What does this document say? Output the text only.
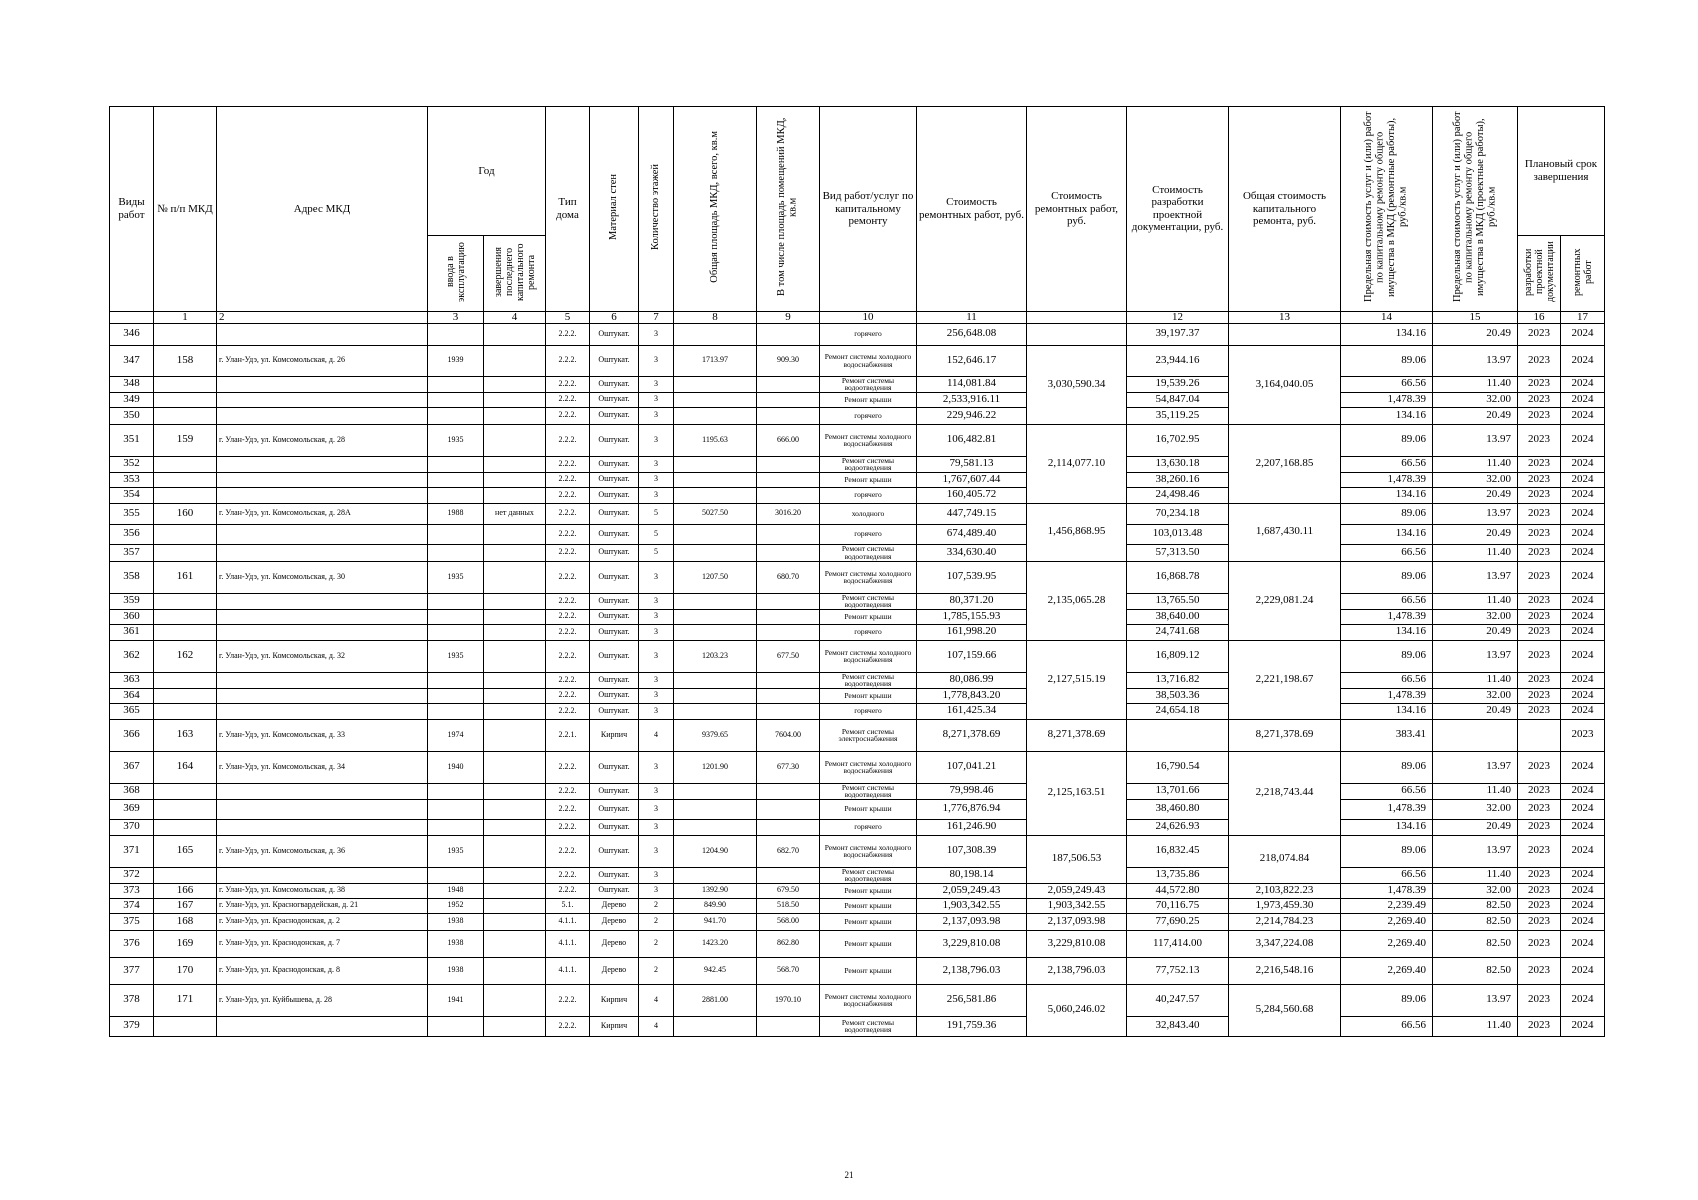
Виды работ	№ п/п МКД	Адрес МКД	Год		Тип дома	Материал стен	Количество этажей	Общая площадь МКД, всего, кв.м	В том числе площадь помещений МКД, кв.м	Вид работ/услуг по капитальному ремонту	Стоимость ремонтных работ, руб.	Стоимость ремонтных работ, руб.	Стоимость разработки проектной документации, руб.	Общая стоимость капитального ремонта, руб.	Предельная стоимость услуг и (или) работ по капитальному ремонту общего имущества в МКД (ремонтные работы), руб./кв.м	Предельная стоимость услуг и (или) работ по капитальному ремонту общего имущества в МКД (проектные работы), руб./кв.м	Плановый срок завершения	
			ввода в эксплуатацию	завершения последнего капитального ремонта													разработки проектной документации	ремонтных работ
	1	2	3	4	5	6	7	8	9	10	11		12	13	14	15	16	17
346					2.2.2.	Оштукат.	3			горячего	256,648.08		39,197.37		134.16	20.49	2023	2024
347	158	г. Улан-Удэ, ул. Комсомольская, д. 26	1939		2.2.2.	Оштукат.	3	1713.97	909.30	Ремонт системы холодного водоснабжения	152,646.17	3,030,590.34	23,944.16	3,164,040.05	89.06	13.97	2023	2024
348					2.2.2.	Оштукат.	3			Ремонт системы водоотведения	114,081.84		19,539.26		66.56	11.40	2023	2024
349					2.2.2.	Оштукат.	3			Ремонт крыши	2,533,916.11		54,847.04		1,478.39	32.00	2023	2024
350					2.2.2.	Оштукат.	3			горячего	229,946.22		35,119.25		134.16	20.49	2023	2024
351	159	г. Улан-Удэ, ул. Комсомольская, д. 28	1935		2.2.2.	Оштукат.	3	1195.63	666.00	Ремонт системы холодного водоснабжения	106,482.81	2,114,077.10	16,702.95	2,207,168.85	89.06	13.97	2023	2024
352					2.2.2.	Оштукат.	3			Ремонт системы водоотведения	79,581.13		13,630.18		66.56	11.40	2023	2024
353					2.2.2.	Оштукат.	3			Ремонт крыши	1,767,607.44		38,260.16		1,478.39	32.00	2023	2024
354					2.2.2.	Оштукат.	3			горячего	160,405.72		24,498.46		134.16	20.49	2023	2024
355	160	г. Улан-Удэ, ул. Комсомольская, д. 28А	1988	нет данных	2.2.2.	Оштукат.	5	5027.50	3016.20	холодного	447,749.15	1,456,868.95	70,234.18	1,687,430.11	89.06	13.97	2023	2024
356					2.2.2.	Оштукат.	5			горячего	674,489.40		103,013.48		134.16	20.49	2023	2024
357					2.2.2.	Оштукат.	5			Ремонт системы водоотведения	334,630.40		57,313.50		66.56	11.40	2023	2024
358	161	г. Улан-Удэ, ул. Комсомольская, д. 30	1935		2.2.2.	Оштукат.	3	1207.50	680.70	Ремонт системы холодного водоснабжения	107,539.95	2,135,065.28	16,868.78	2,229,081.24	89.06	13.97	2023	2024
359					2.2.2.	Оштукат.	3			Ремонт системы водоотведения	80,371.20		13,765.50		66.56	11.40	2023	2024
360					2.2.2.	Оштукат.	3			Ремонт крыши	1,785,155.93		38,640.00		1,478.39	32.00	2023	2024
361					2.2.2.	Оштукат.	3			горячего	161,998.20		24,741.68		134.16	20.49	2023	2024
362	162	г. Улан-Удэ, ул. Комсомольская, д. 32	1935		2.2.2.	Оштукат.	3	1203.23	677.50	Ремонт системы холодного водоснабжения	107,159.66	2,127,515.19	16,809.12	2,221,198.67	89.06	13.97	2023	2024
363					2.2.2.	Оштукат.	3			Ремонт системы водоотведения	80,086.99		13,716.82		66.56	11.40	2023	2024
364					2.2.2.	Оштукат.	3			Ремонт крыши	1,778,843.20		38,503.36		1,478.39	32.00	2023	2024
365					2.2.2.	Оштукат.	3			горячего	161,425.34		24,654.18		134.16	20.49	2023	2024
366	163	г. Улан-Удэ, ул. Комсомольская, д. 33	1974		2.2.1.	Кирпич	4	9379.65	7604.00	Ремонт системы электроснабжения	8,271,378.69	8,271,378.69		8,271,378.69	383.41			2023
367	164	г. Улан-Удэ, ул. Комсомольская, д. 34	1940		2.2.2.	Оштукат.	3	1201.90	677.30	Ремонт системы холодного водоснабжения	107,041.21	2,125,163.51	16,790.54	2,218,743.44	89.06	13.97	2023	2024
368					2.2.2.	Оштукат.	3			Ремонт системы водоотведения	79,998.46		13,701.66		66.56	11.40	2023	2024
369					2.2.2.	Оштукат.	3			Ремонт крыши	1,776,876.94		38,460.80		1,478.39	32.00	2023	2024
370					2.2.2.	Оштукат.	3			горячего	161,246.90		24,626.93		134.16	20.49	2023	2024
371	165	г. Улан-Удэ, ул. Комсомольская, д. 36	1935		2.2.2.	Оштукат.	3	1204.90	682.70	Ремонт системы холодного водоснабжения	107,308.39	187,506.53	16,832.45	218,074.84	89.06	13.97	2023	2024
372					2.2.2.	Оштукат.	3			Ремонт системы водоотведения	80,198.14		13,735.86		66.56	11.40	2023	2024
373	166	г. Улан-Удэ, ул. Комсомольская, д. 38	1948		2.2.2.	Оштукат.	3	1392.90	679.50	Ремонт крыши	2,059,249.43	2,059,249.43	44,572.80	2,103,822.23	1,478.39	32.00	2023	2024
374	167	г. Улан-Удэ, ул. Красногвардейская, д. 21	1952		5.1.	Дерево	2	849.90	518.50	Ремонт крыши	1,903,342.55	1,903,342.55	70,116.75	1,973,459.30	2,239.49	82.50	2023	2024
375	168	г. Улан-Удэ, ул. Краснодонская, д. 2	1938		4.1.1.	Дерево	2	941.70	568.00	Ремонт крыши	2,137,093.98	2,137,093.98	77,690.25	2,214,784.23	2,269.40	82.50	2023	2024
376	169	г. Улан-Удэ, ул. Краснодонская, д. 7	1938		4.1.1.	Дерево	2	1423.20	862.80	Ремонт крыши	3,229,810.08	3,229,810.08	117,414.00	3,347,224.08	2,269.40	82.50	2023	2024
377	170	г. Улан-Удэ, ул. Краснодонская, д. 8	1938		4.1.1.	Дерево	2	942.45	568.70	Ремонт крыши	2,138,796.03	2,138,796.03	77,752.13	2,216,548.16	2,269.40	82.50	2023	2024
378	171	г. Улан-Удэ, ул. Куйбышева, д. 28	1941		2.2.2.	Кирпич	4	2881.00	1970.10	Ремонт системы холодного водоснабжения	256,581.86	5,060,246.02	40,247.57	5,284,560.68	89.06	13.97	2023	2024
379					2.2.2.	Кирпич	4			Ремонт системы водоотведения	191,759.36		32,843.40		66.56	11.40	2023	2024
21
